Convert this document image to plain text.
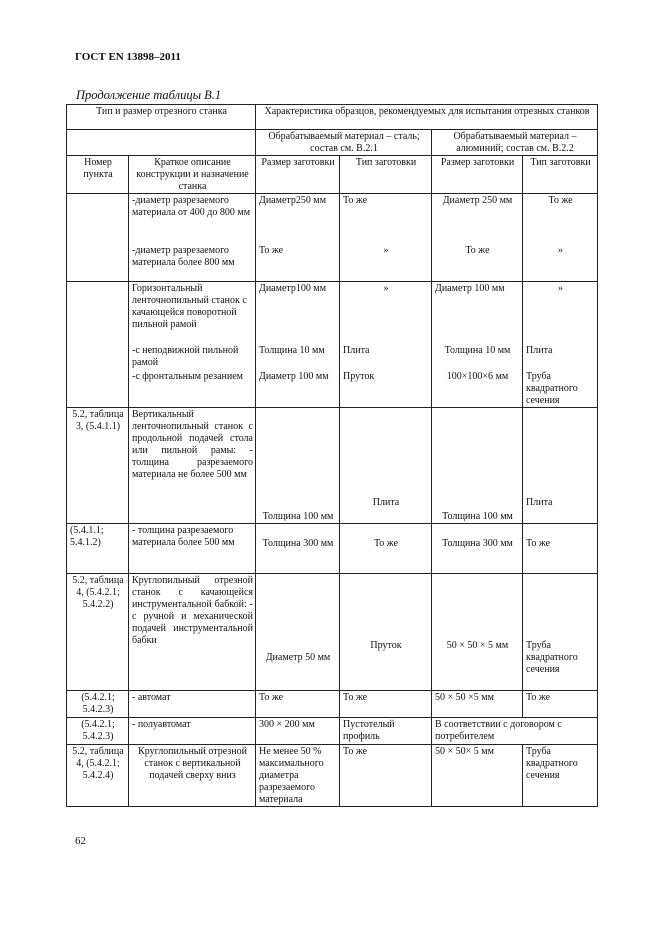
ГОСТ EN 13898–2011
Продолжение таблицы В.1
Тип и размер отрезного станка		Характеристика образцов, рекомендуемых для испытания отрезных станков			
		Обрабатываемый материал – сталь; состав см. В.2.1		Обрабатываемый материал – алюминий; состав см. В.2.2	
Номер пункта	Краткое описание конструкции и назначение станка	Размер заготовки	Тип заготовки	Размер заготовки	Тип заготовки
	-диаметр разрезаемого материала от 400 до 800 мм	Диаметр250 мм	То же	Диаметр 250 мм	То же
	-диаметр разрезаемого материала более 800 мм	То же	»	То же	»
	Горизонтальный ленточнопильный станок с качающейся поворотной пильной рамой	Диаметр100 мм	»	Диаметр 100 мм	»
	-с неподвижной пильной рамой	Толщина 10 мм	Плита	Толщина 10 мм	Плита
	-с фронтальным резанием	Диаметр 100 мм	Пруток	100×100×6 мм	Труба квадратного сечения
5.2, таблица 3, (5.4.1.1)	Вертикальный ленточнопильный станок с продольной подачей стола или пильной рамы: - толщина разрезаемого материала не более 500 мм	Толщина 100 мм	Плита	Толщина 100 мм	Плита
(5.4.1.1; 5.4.1.2)	- толщина разрезаемого материала более 500 мм	Толщина 300 мм	То же	Толщина 300 мм	То же
5.2, таблица 4, (5.4.2.1; 5.4.2.2)	Круглопильный отрезной станок с качающейся инструментальной бабкой: - с ручной и механической подачей инструментальной бабки	Диаметр 50 мм	Пруток	50 × 50 × 5 мм	Труба квадратного сечения
(5.4.2.1; 5.4.2.3)	- автомат	То же	То же	50 × 50 ×5 мм	То же
(5.4.2.1; 5.4.2.3)	- полуавтомат	300 × 200 мм	Пустотелый профиль	В соответствии с договором с потребителем	
5.2, таблица 4, (5.4.2.1; 5.4.2.4)	Круглопильный отрезной станок с вертикальной подачей сверху вниз	Не менее 50 % максимального диаметра разрезаемого материала	То же	50 × 50× 5 мм	Труба квадратного сечения
62
